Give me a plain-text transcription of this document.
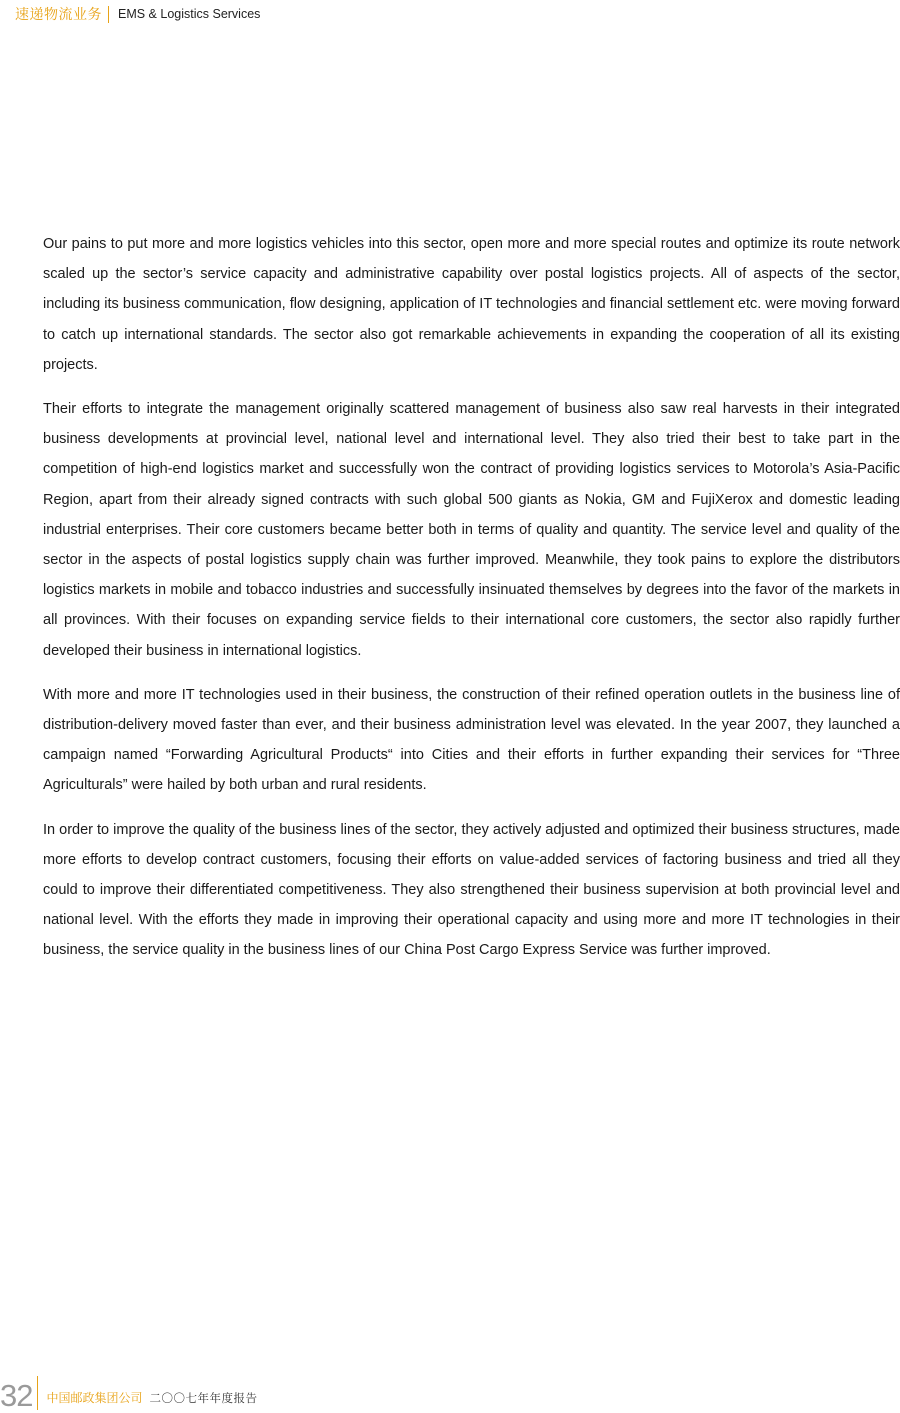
速递物流业务 EMS & Logistics Services

Our pains to put more and more logistics vehicles into this sector, open more and more special routes and optimize its route network scaled up the sector’s service capacity and administrative capability over postal logistics projects. All of aspects of the sector, including its business communication, flow designing, application of IT technologies and financial settlement etc. were moving forward to catch up international standards. The sector also got remarkable achievements in expanding the cooperation of all its existing projects.

Their efforts to integrate the management originally scattered management of business also saw real harvests in their integrated business developments at provincial level, national level and international level. They also tried their best to take part in the competition of high-end logistics market and successfully won the contract of providing logistics services to Motorola’s Asia-Pacific Region, apart from their already signed contracts with such global 500 giants as Nokia, GM and FujiXerox and domestic leading industrial enterprises. Their core customers became better both in terms of quality and quantity. The service level and quality of the sector in the aspects of postal logistics supply chain was further improved. Meanwhile, they took pains to explore the distributors logistics markets in mobile and tobacco industries and successfully insinuated themselves by degrees into the favor of the markets in all provinces. With their focuses on expanding service fields to their international core customers, the sector also rapidly further developed their business in international logistics.

With more and more IT technologies used in their business, the construction of their refined operation outlets in the business line of distribution-delivery moved faster than ever, and their business administration level was elevated. In the year 2007, they launched a campaign named “Forwarding Agricultural Products“ into Cities and their efforts in further expanding their services for “Three Agriculturals” were hailed by both urban and rural residents.

In order to improve the quality of the business lines of the sector, they actively adjusted and optimized their business structures, made more efforts to develop contract customers, focusing their efforts on value-added services of factoring business and tried all they could to improve their differentiated competitiveness. They also strengthened their business supervision at both provincial level and national level. With the efforts they made in improving their operational capacity and using more and more IT technologies in their business, the service quality in the business lines of our China Post Cargo Express Service was further improved.

32 中国邮政集团公司 二〇〇七年年度报告
